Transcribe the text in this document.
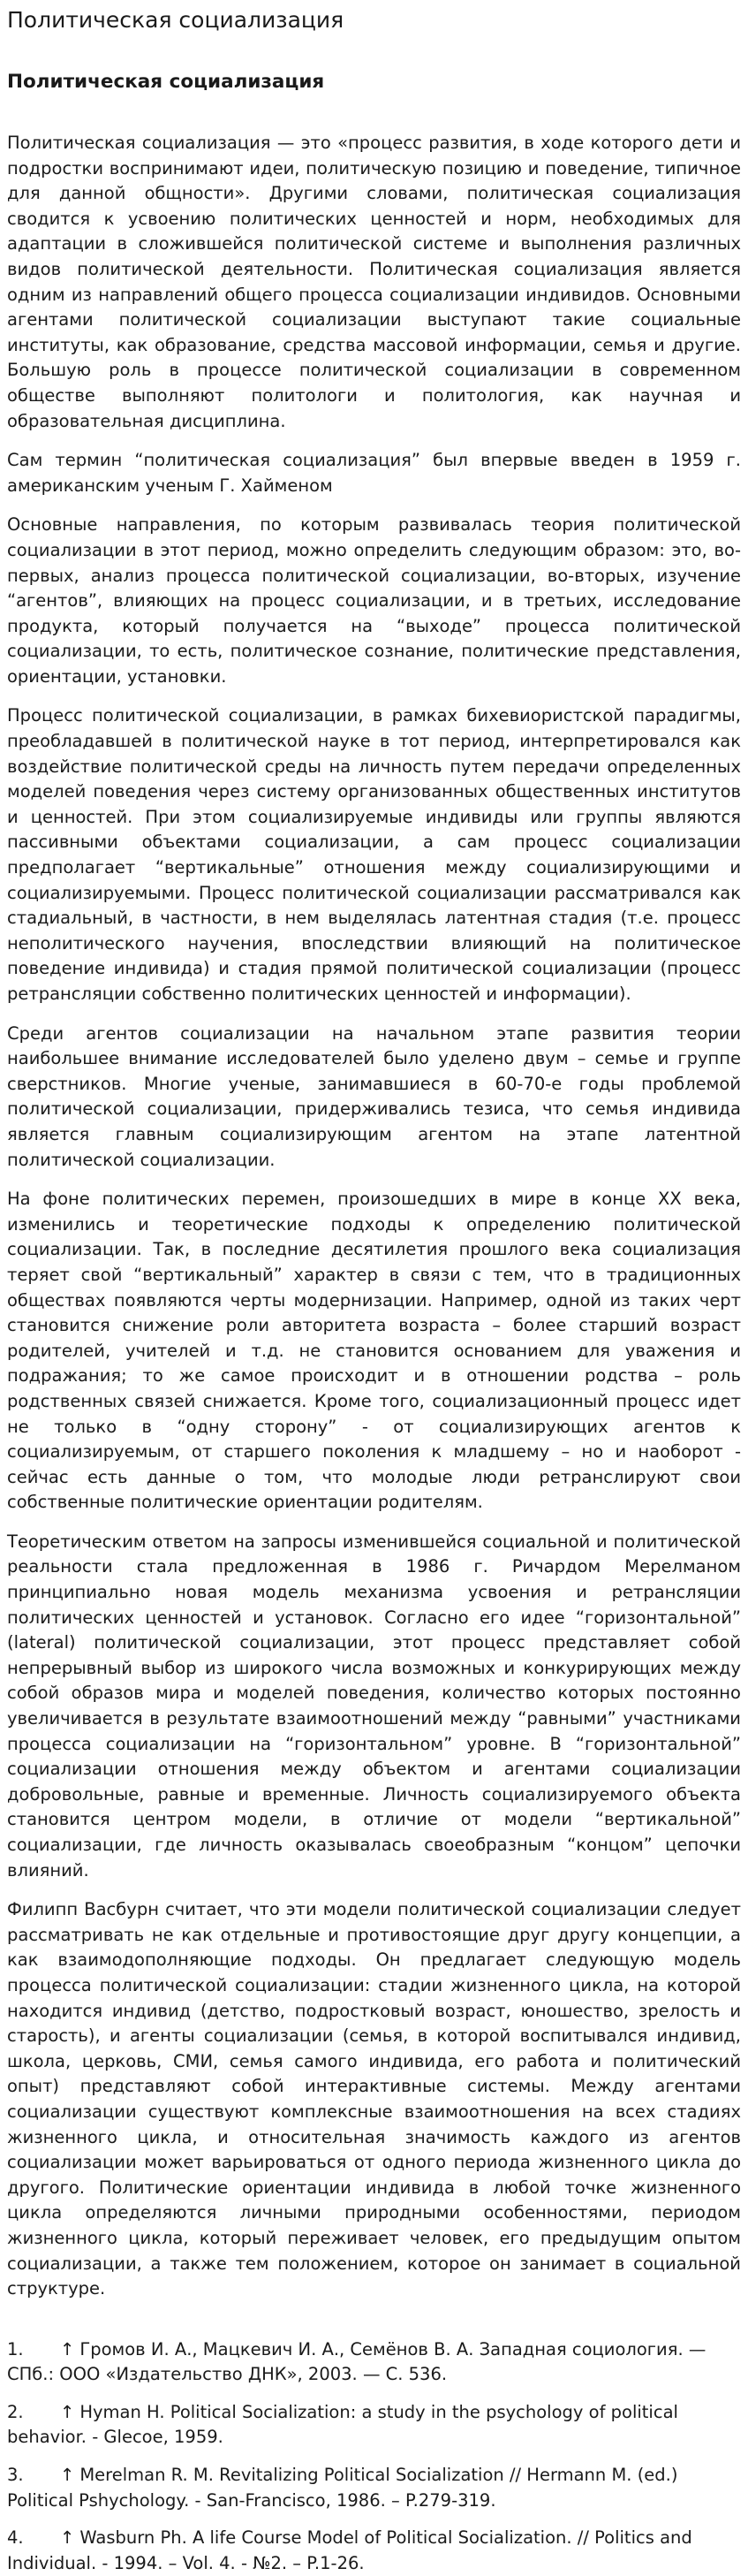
Политическая социализация
Политическая социализация

Политическая социализация — это «процесс развития, в ходе которого дети и подростки воспринимают идеи, политическую позицию и поведение, типичное для данной общности». Другими словами, политическая социализация сводится к усвоению политических ценностей и норм, необходимых для адаптации в сложившейся политической системе и выполнения различных видов политической деятельности. Политическая социализация является одним из направлений общего процесса социализации индивидов. Основными агентами политической социализации выступают такие социальные институты, как образование, средства массовой информации, семья и другие. Большую роль в процессе политической социализации в современном обществе выполняют политологи и политология, как научная и образовательная дисциплина.

Сам термин “политическая социализация” был впервые введен в 1959 г. американским ученым Г. Хайменом

Основные направления, по которым развивалась теория политической социализации в этот период, можно определить следующим образом: это, во-первых, анализ процесса политической социализации, во-вторых, изучение “агентов”, влияющих на процесс социализации, и в третьих, исследование продукта, который получается на “выходе” процесса политической социализации, то есть, политическое сознание, политические представления, ориентации, установки.

Процесс политической социализации, в рамках бихевиористской парадигмы, преобладавшей в политической науке в тот период, интерпретировался как воздействие политической среды на личность путем передачи определенных моделей поведения через систему организованных общественных институтов и ценностей. При этом социализируемые индивиды или группы являются пассивными объектами социализации, а сам процесс социализации предполагает “вертикальные” отношения между социализирующими и социализируемыми. Процесс политической социализации рассматривался как стадиальный, в частности, в нем выделялась латентная стадия (т.е. процесс неполитического научения, впоследствии влияющий на политическое поведение индивида) и стадия прямой политической социализации (процесс ретрансляции собственно политических ценностей и информации).

Среди агентов социализации на начальном этапе развития теории наибольшее внимание исследователей было уделено двум – семье и группе сверстников. Многие ученые, занимавшиеся в 60-70-е годы проблемой политической социализации, придерживались тезиса, что семья индивида является главным социализирующим агентом на этапе латентной политической социализации.

На фоне политических перемен, произошедших в мире в конце XX века, изменились и теоретические подходы к определению политической социализации. Так, в последние десятилетия прошлого века социализация теряет свой “вертикальный” характер в связи с тем, что в традиционных обществах появляются черты модернизации. Например, одной из таких черт становится снижение роли авторитета возраста – более старший возраст родителей, учителей и т.д. не становится основанием для уважения и подражания; то же самое происходит и в отношении родства – роль родственных связей снижается. Кроме того, социализационный процесс идет не только в “одну сторону” - от социализирующих агентов к социализируемым, от старшего поколения к младшему – но и наоборот - сейчас есть данные о том, что молодые люди ретранслируют свои собственные политические ориентации родителям.

Теоретическим ответом на запросы изменившейся социальной и политической реальности стала предложенная в 1986 г. Ричардом Мерелманом принципиально новая модель механизма усвоения и ретрансляции политических ценностей и установок. Согласно его идее “горизонтальной” (lateral) политической социализации, этот процесс представляет собой непрерывный выбор из широкого числа возможных и конкурирующих между собой образов мира и моделей поведения, количество которых постоянно увеличивается в результате взаимоотношений между “равными” участниками процесса социализации на “горизонтальном” уровне. В “горизонтальной” социализации отношения между объектом и агентами социализации добровольные, равные и временные. Личность социализируемого объекта становится центром модели, в отличие от модели “вертикальной” социализации, где личность оказывалась своеобразным “концом” цепочки влияний.

Филипп Васбурн считает, что эти модели политической социализации следует рассматривать не как отдельные и противостоящие друг другу концепции, а как взаимодополняющие подходы. Он предлагает следующую модель процесса политической социализации: стадии жизненного цикла, на которой находится индивид (детство, подростковый возраст, юношество, зрелость и старость), и агенты социализации (семья, в которой воспитывался индивид, школа, церковь, СМИ, семья самого индивида, его работа и политический опыт) представляют собой интерактивные системы. Между агентами социализации существуют комплексные взаимоотношения на всех стадиях жизненного цикла, и относительная значимость каждого из агентов социализации может варьироваться от одного периода жизненного цикла до другого. Политические ориентации индивида в любой точке жизненного цикла определяются личными природными особенностями, периодом жизненного цикла, который переживает человек, его предыдущим опытом социализации, а также тем положением, которое он занимает в социальной структуре.

1. ↑ Громов И. А., Мацкевич И. А., Семёнов В. А. Западная социология. — СПб.: ООО «Издательство ДНК», 2003. — С. 536.
2. ↑ Hyman H. Political Socialization: a study in the psychology of political behavior. - Glecoe, 1959.
3. ↑ Merelman R. M. Revitalizing Political Socialization // Hermann M. (ed.) Political Pshychology. - San-Francisco, 1986. – P.279-319.
4. ↑ Wasburn Ph. A life Course Model of Political Socialization. // Politics and Individual. - 1994. – Vol. 4. - №2. – P.1-26.
